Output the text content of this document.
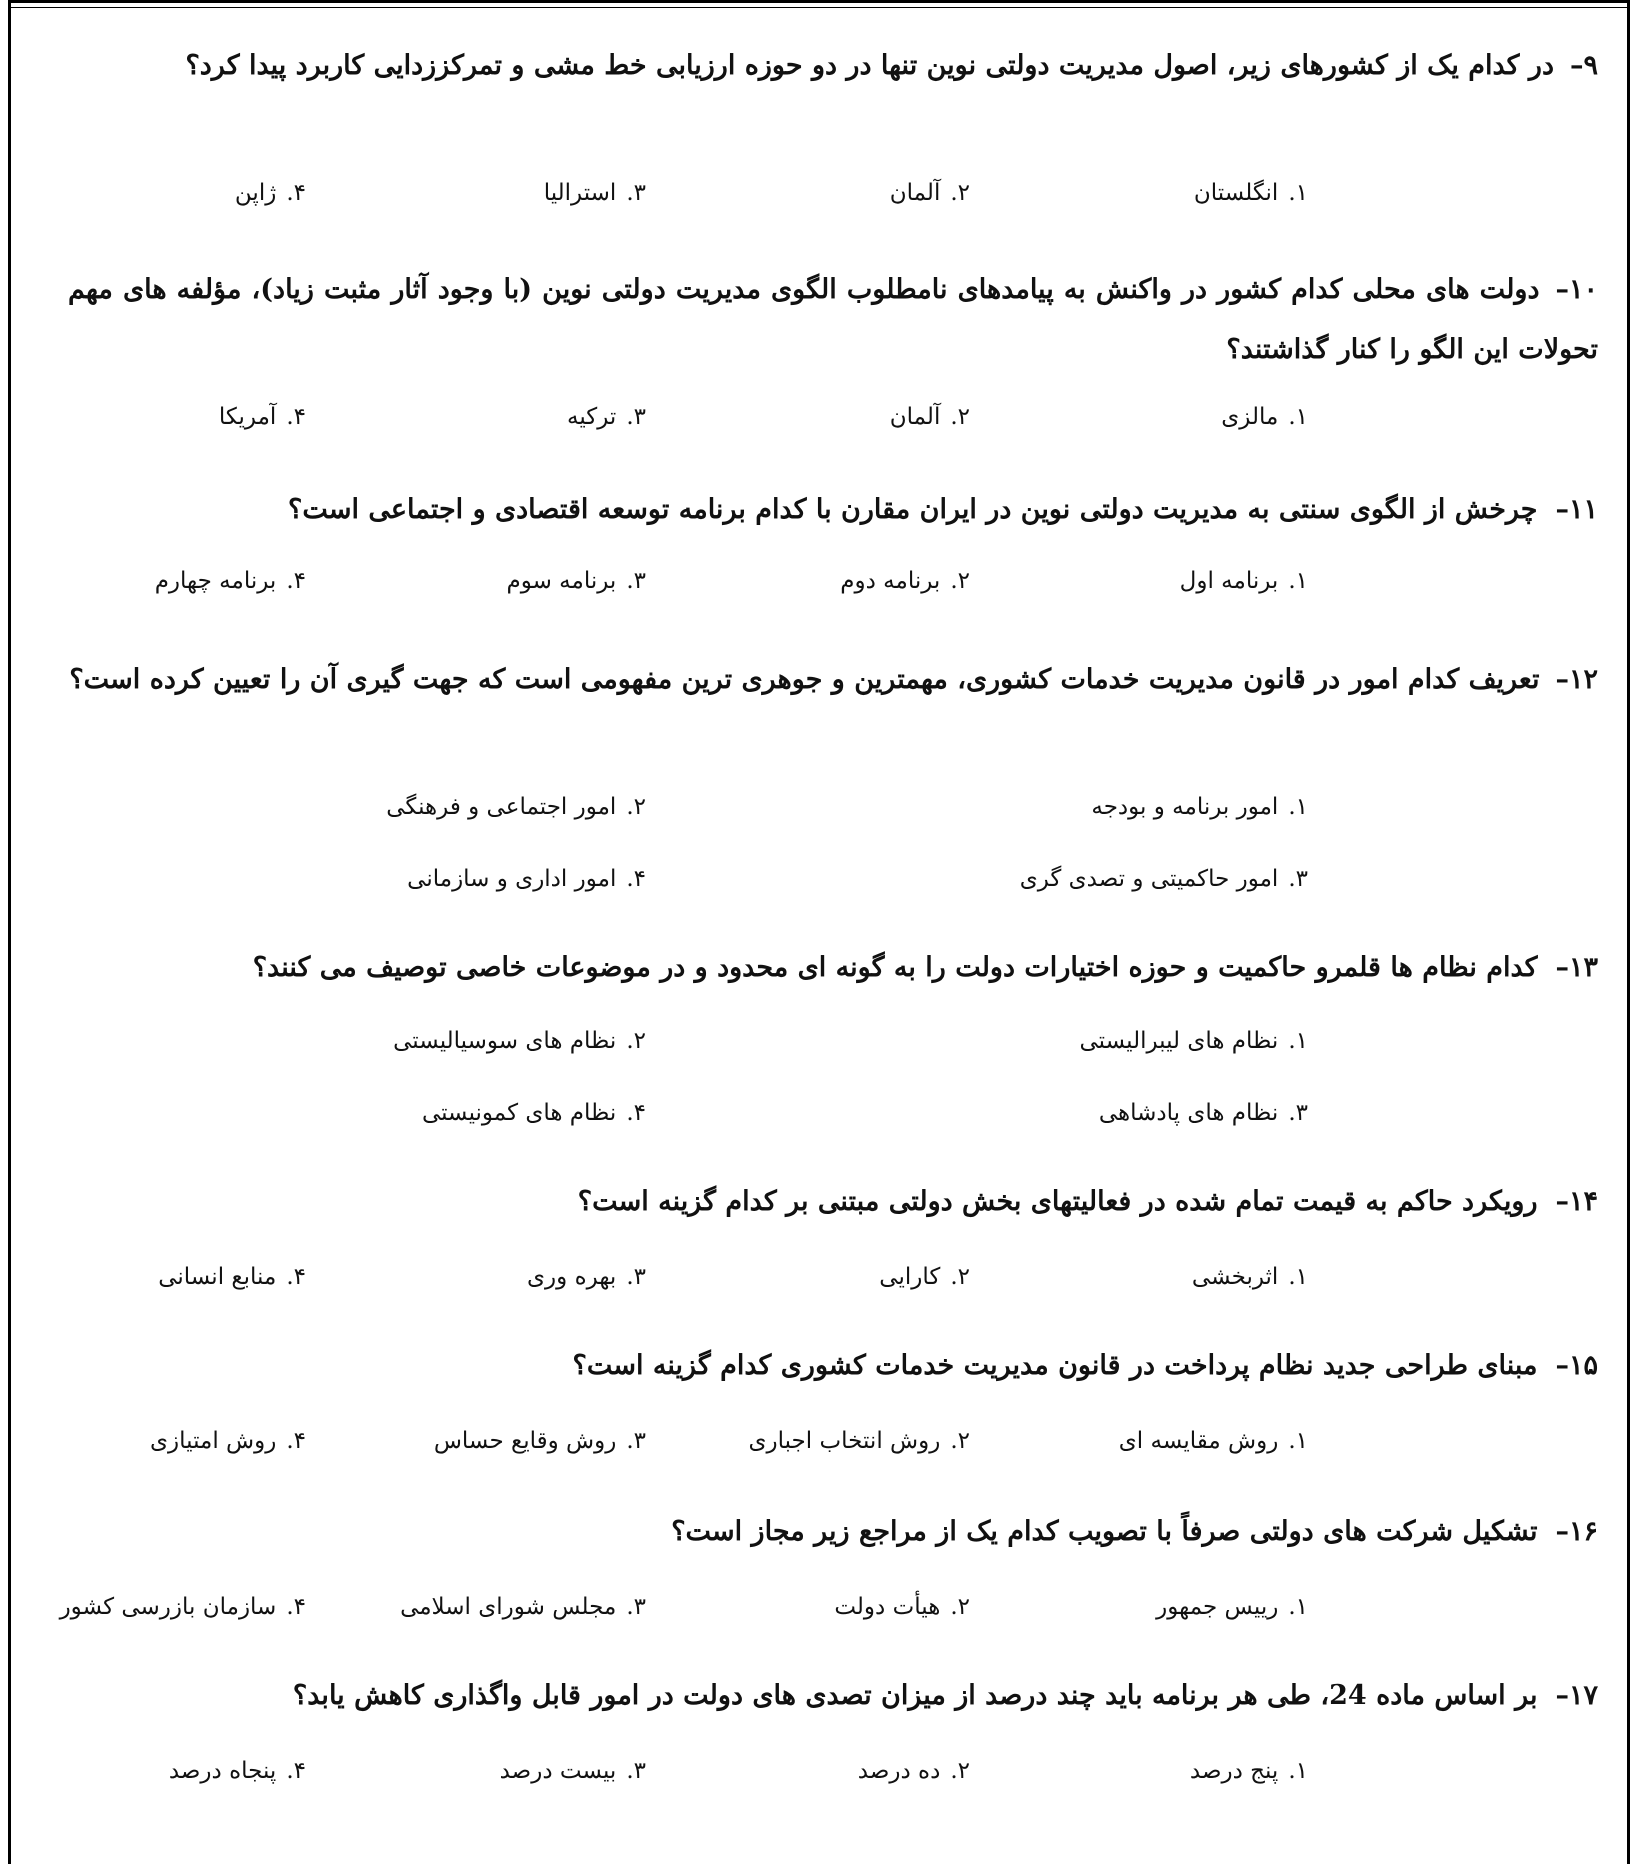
۹–در کدام یک از کشورهای زیر، اصول مدیریت دولتی نوین تنها در دو حوزه ارزیابی خط مشی و تمرکززدایی کاربرد پیدا کرد؟
۱.انگلستان
۲.آلمان
۳.استرالیا
۴.ژاپن
۱۰–دولت های محلی کدام کشور در واکنش به پیامدهای نامطلوب الگوی مدیریت دولتی نوین (با وجود آثار مثبت زیاد)، مؤلفه های مهم تحولات این الگو را کنار گذاشتند؟
۱.مالزی
۲.آلمان
۳.ترکیه
۴.آمریکا
۱۱–
چرخش از الگوی سنتی به مدیریت دولتی نوین در ایران مقارن با کدام برنامه توسعه اقتصادی و اجتماعی است؟
۱.برنامه اول
۲.برنامه دوم
۳.برنامه سوم
۴.برنامه چهارم
۱۲–تعریف کدام امور در قانون مدیریت خدمات کشوری، مهمترین و جوهری ترین مفهومی است که جهت گیری آن را تعیین کرده است؟
۱.امور برنامه و بودجه
۲.امور اجتماعی و فرهنگی
۳.امور حاکمیتی و تصدی گری
۴.امور اداری و سازمانی
۱۳–
کدام نظام ها قلمرو حاکمیت و حوزه اختیارات دولت را به گونه ای محدود و در موضوعات خاصی توصیف می کنند؟
۱.نظام های لیبرالیستی
۲.نظام های سوسیالیستی
۳.نظام های پادشاهی
۴.نظام های کمونیستی
۱۴–
رویکرد حاکم به قیمت تمام شده در فعالیتهای بخش دولتی مبتنی بر کدام گزینه است؟
۱.اثربخشی
۲.کارایی
۳.بهره وری
۴.منابع انسانی
۱۵–
مبنای طراحی جدید نظام پرداخت در قانون مدیریت خدمات کشوری کدام گزینه است؟
۱.روش مقایسه ای
۲.روش انتخاب اجباری
۳.روش وقایع حساس
۴.روش امتیازی
۱۶–
تشکیل شرکت های دولتی صرفاً با تصویب کدام یک از مراجع زیر مجاز است؟
۱.رییس جمهور
۲.هیأت دولت
۳.مجلس شورای اسلامی
۴.سازمان بازرسی کشور
۱۷–
بر اساس ماده 24، طی هر برنامه باید چند درصد از میزان تصدی های دولت در امور قابل واگذاری کاهش یابد؟
۱.پنج درصد
۲.ده درصد
۳.بیست درصد
۴.پنجاه درصد
